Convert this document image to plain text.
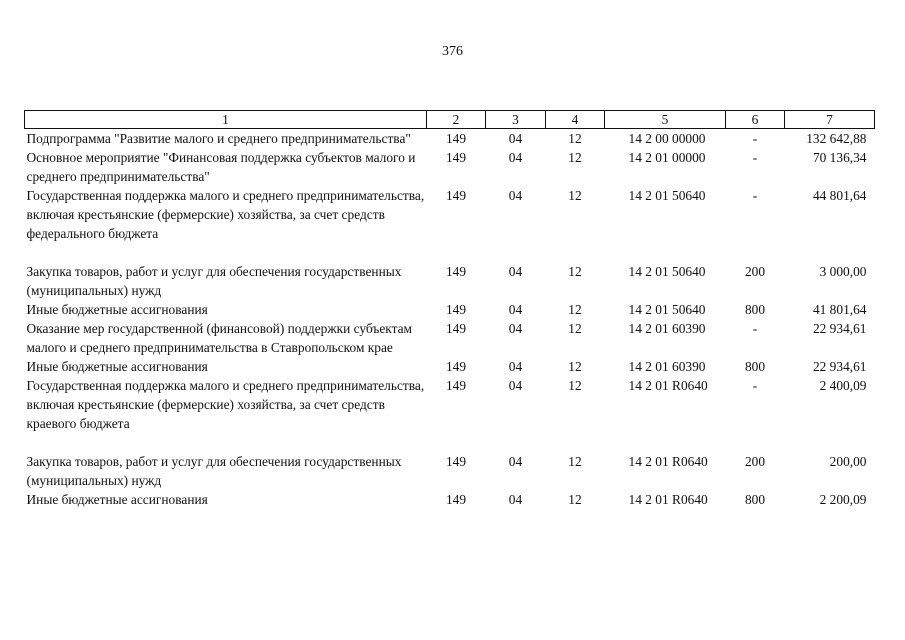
376
1	2	3	4	5	6	7
Подпрограмма "Развитие малого и среднего предпринимательства"	149	04	12	14 2 00 00000	-	132 642,88
Основное мероприятие "Финансовая поддержка субъектов малого и среднего предпринимательства"	149	04	12	14 2 01 00000	-	70 136,34
Государственная поддержка малого и среднего предпринимательства, включая крестьянские (фермерские) хозяйства, за счет средств федерального бюджета	149	04	12	14 2 01 50640	-	44 801,64
Закупка товаров, работ и услуг для обеспечения государственных (муниципальных) нужд	149	04	12	14 2 01 50640	200	3 000,00
Иные бюджетные ассигнования	149	04	12	14 2 01 50640	800	41 801,64
Оказание мер государственной (финансовой) поддержки субъектам малого и среднего предпринимательства в Ставропольском крае	149	04	12	14 2 01 60390	-	22 934,61
Иные бюджетные ассигнования	149	04	12	14 2 01 60390	800	22 934,61
Государственная поддержка малого и среднего предпринимательства, включая крестьянские (фермерские) хозяйства, за счет средств краевого бюджета	149	04	12	14 2 01 R0640	-	2 400,09
Закупка товаров, работ и услуг для обеспечения государственных (муниципальных) нужд	149	04	12	14 2 01 R0640	200	200,00
Иные бюджетные ассигнования	149	04	12	14 2 01 R0640	800	2 200,09
